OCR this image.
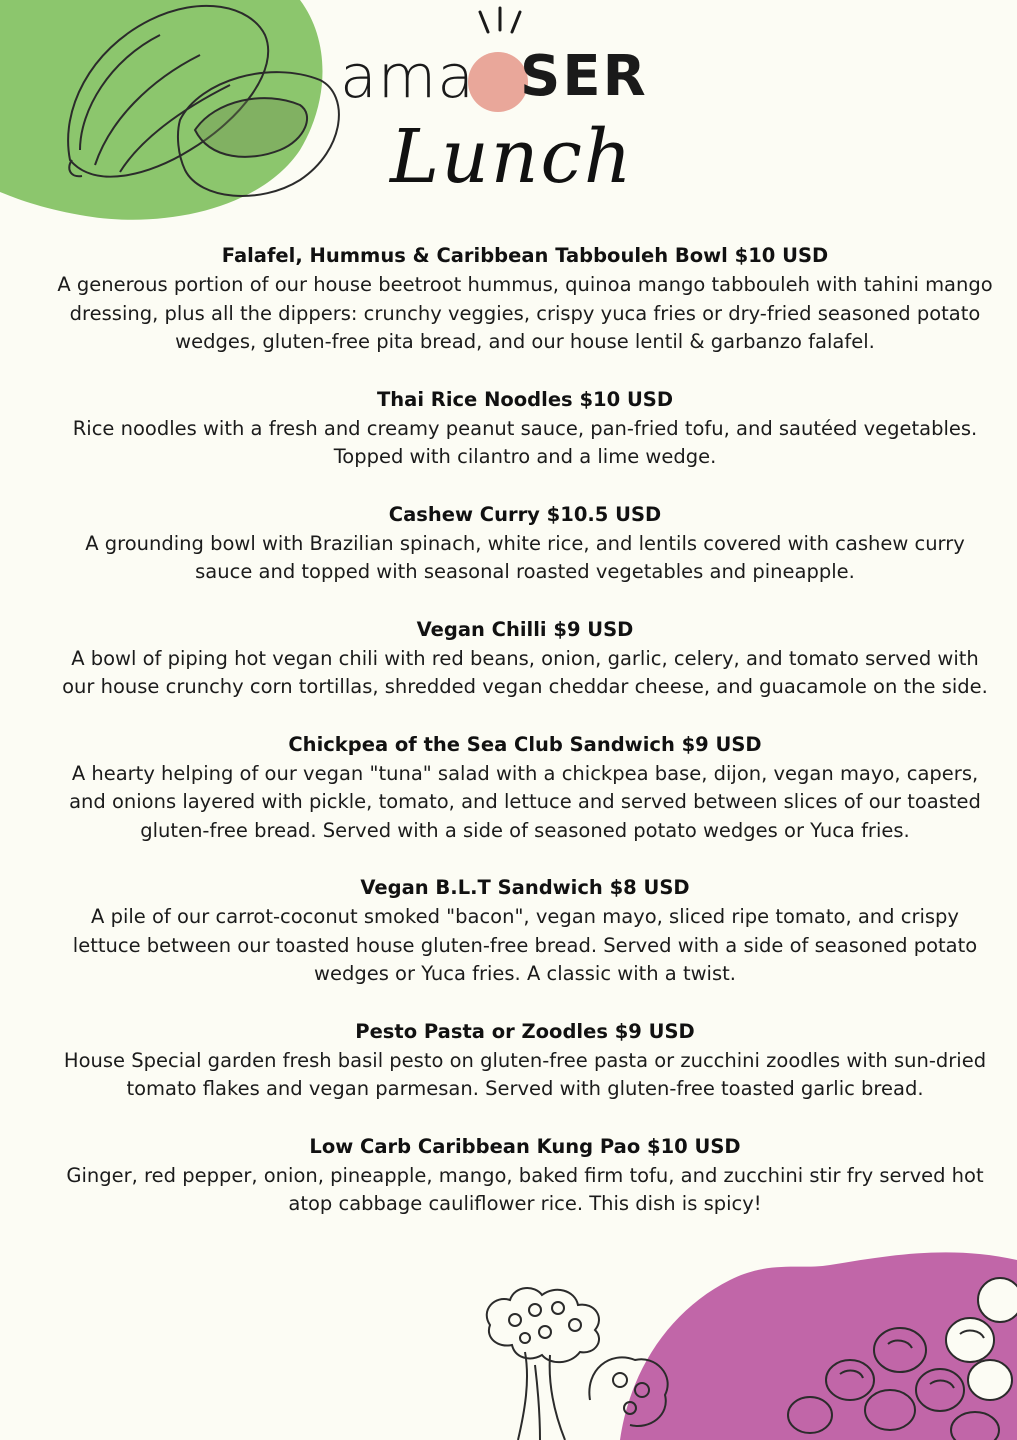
ama SER
Lunch

Falafel, Hummus & Caribbean Tabbouleh Bowl $10 USD

A generous portion of our house beetroot hummus, quinoa mango tabbouleh with tahini mango dressing, plus all the dippers: crunchy veggies, crispy yuca fries or dry-fried seasoned potato wedges, gluten-free pita bread, and our house lentil & garbanzo falafel.

Thai Rice Noodles $10 USD

Rice noodles with a fresh and creamy peanut sauce, pan-fried tofu, and sautéed vegetables. Topped with cilantro and a lime wedge.

Cashew Curry $10.5 USD

A grounding bowl with Brazilian spinach, white rice, and lentils covered with cashew curry sauce and topped with seasonal roasted vegetables and pineapple.

Vegan Chilli $9 USD

A bowl of piping hot vegan chili with red beans, onion, garlic, celery, and tomato served with our house crunchy corn tortillas, shredded vegan cheddar cheese, and guacamole on the side.

Chickpea of the Sea Club Sandwich $9 USD

A hearty helping of our vegan "tuna" salad with a chickpea base, dijon, vegan mayo, capers, and onions layered with pickle, tomato, and lettuce and served between slices of our toasted gluten-free bread. Served with a side of seasoned potato wedges or Yuca fries.

Vegan B.L.T Sandwich $8 USD

A pile of our carrot-coconut smoked "bacon", vegan mayo, sliced ripe tomato, and crispy lettuce between our toasted house gluten-free bread. Served with a side of seasoned potato wedges or Yuca fries. A classic with a twist.

Pesto Pasta or Zoodles $9 USD

House Special garden fresh basil pesto on gluten-free pasta or zucchini zoodles with sun-dried tomato flakes and vegan parmesan. Served with gluten-free toasted garlic bread.

Low Carb Caribbean Kung Pao $10 USD

Ginger, red pepper, onion, pineapple, mango, baked firm tofu, and zucchini stir fry served hot atop cabbage cauliflower rice. This dish is spicy!
